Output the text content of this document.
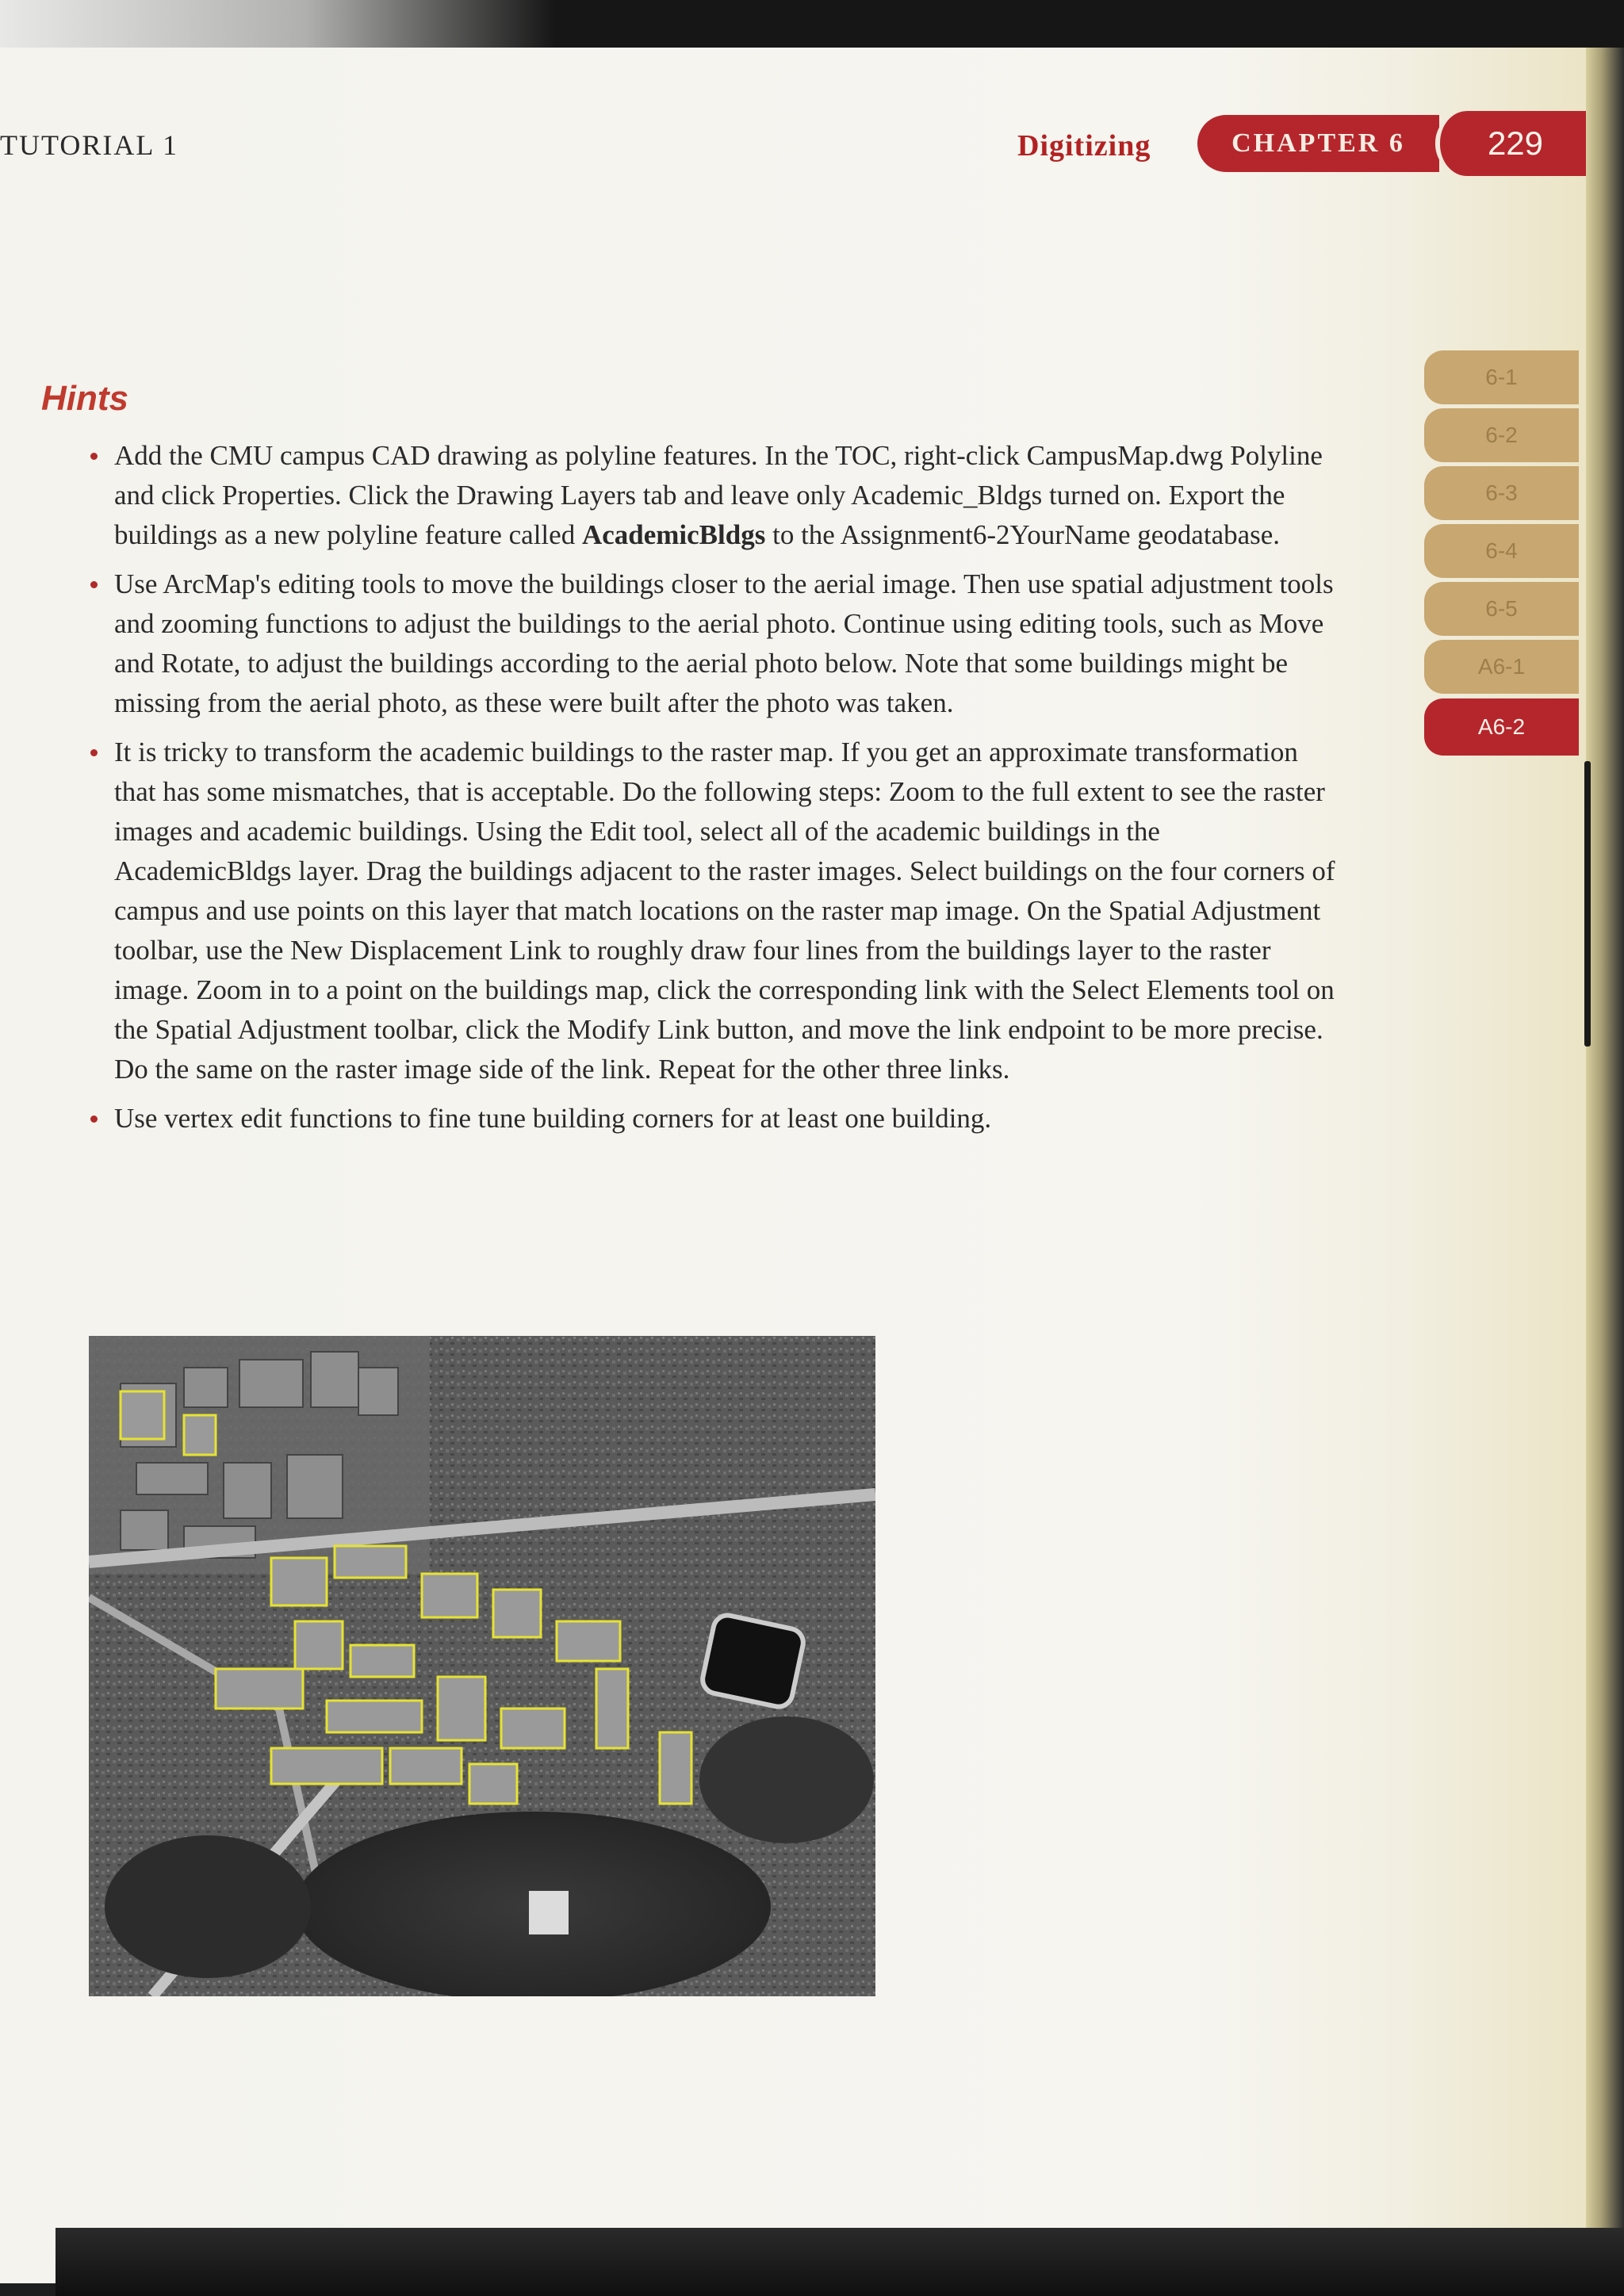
TUTORIAL 1	Digitizing	CHAPTER 6 229
6-1
6-2
6-3
6-4
6-5
A6-1
A6-2
Hints
Add the CMU campus CAD drawing as polyline features. In the TOC, right-click CampusMap.dwg Polyline and click Properties. Click the Drawing Layers tab and leave only Academic_Bldgs turned on. Export the buildings as a new polyline feature called AcademicBldgs to the Assignment6-2YourName geodatabase.
Use ArcMap's editing tools to move the buildings closer to the aerial image. Then use spatial adjustment tools and zooming functions to adjust the buildings to the aerial photo. Continue using editing tools, such as Move and Rotate, to adjust the buildings according to the aerial photo below. Note that some buildings might be missing from the aerial photo, as these were built after the photo was taken.
It is tricky to transform the academic buildings to the raster map. If you get an approximate transformation that has some mismatches, that is acceptable. Do the following steps: Zoom to the full extent to see the raster images and academic buildings. Using the Edit tool, select all of the academic buildings in the AcademicBldgs layer. Drag the buildings adjacent to the raster images. Select buildings on the four corners of campus and use points on this layer that match locations on the raster map image. On the Spatial Adjustment toolbar, use the New Displacement Link to roughly draw four lines from the buildings layer to the raster image. Zoom in to a point on the buildings map, click the corresponding link with the Select Elements tool on the Spatial Adjustment toolbar, click the Modify Link button, and move the link endpoint to be more precise. Do the same on the raster image side of the link. Repeat for the other three links.
Use vertex edit functions to fine tune building corners for at least one building.
